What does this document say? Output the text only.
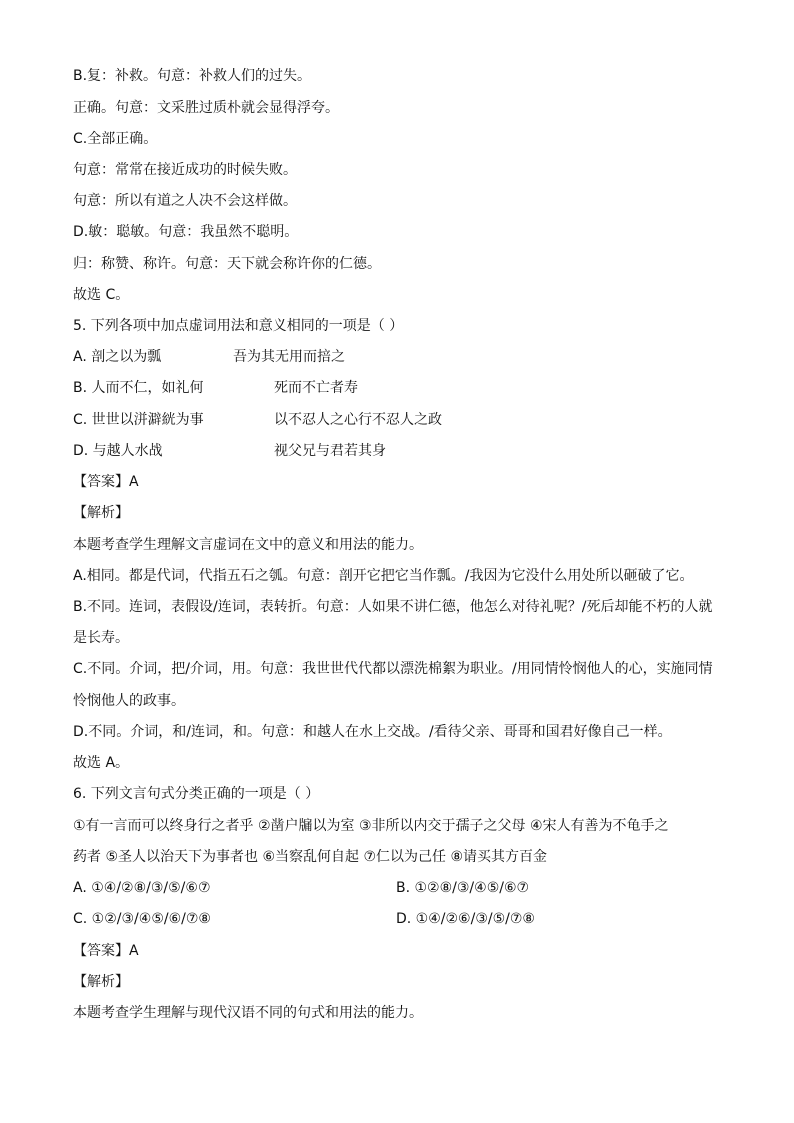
B.复：补救。句意：补救人们的过失。
正确。句意：文采胜过质朴就会显得浮夸。
C.全部正确。
句意：常常在接近成功的时候失败。
句意：所以有道之人决不会这样做。
D.敏：聪敏。句意：我虽然不聪明。
归：称赞、称许。句意：天下就会称许你的仁德。
故选 C。
5. 下列各项中加点虚词用法和意义相同的一项是（ ）
A. 剖之以为瓢	吾为其无用而掊之
B. 人而不仁，如礼何	死而不亡者寿
C. 世世以洴澼絖为事	以不忍人之心行不忍人之政
D. 与越人水战	视父兄与君若其身
【答案】A
【解析】
本题考查学生理解文言虚词在文中的意义和用法的能力。
A.相同。都是代词，代指五石之瓠。句意：剖开它把它当作瓢。/我因为它没什么用处所以砸破了它。
B.不同。连词，表假设/连词，表转折。句意：人如果不讲仁德，他怎么对待礼呢？/死后却能不朽的人就
是长寿。
C.不同。介词，把/介词，用。句意：我世世代代都以漂洗棉絮为职业。/用同情怜悯他人的心，实施同情
怜悯他人的政事。
D.不同。介词，和/连词，和。句意：和越人在水上交战。/看待父亲、哥哥和国君好像自己一样。
故选 A。
6. 下列文言句式分类正确的一项是（ ）
①有一言而可以终身行之者乎 ②凿户牖以为室 ③非所以内交于孺子之父母 ④宋人有善为不龟手之
药者 ⑤圣人以治天下为事者也 ⑥当察乱何自起 ⑦仁以为己任 ⑧请买其方百金
A. ①④/②⑧/③/⑤/⑥⑦	B. ①②⑧/③/④⑤/⑥⑦
C. ①②/③/④⑤/⑥/⑦⑧	D. ①④/②⑥/③/⑤/⑦⑧
【答案】A
【解析】
本题考查学生理解与现代汉语不同的句式和用法的能力。
